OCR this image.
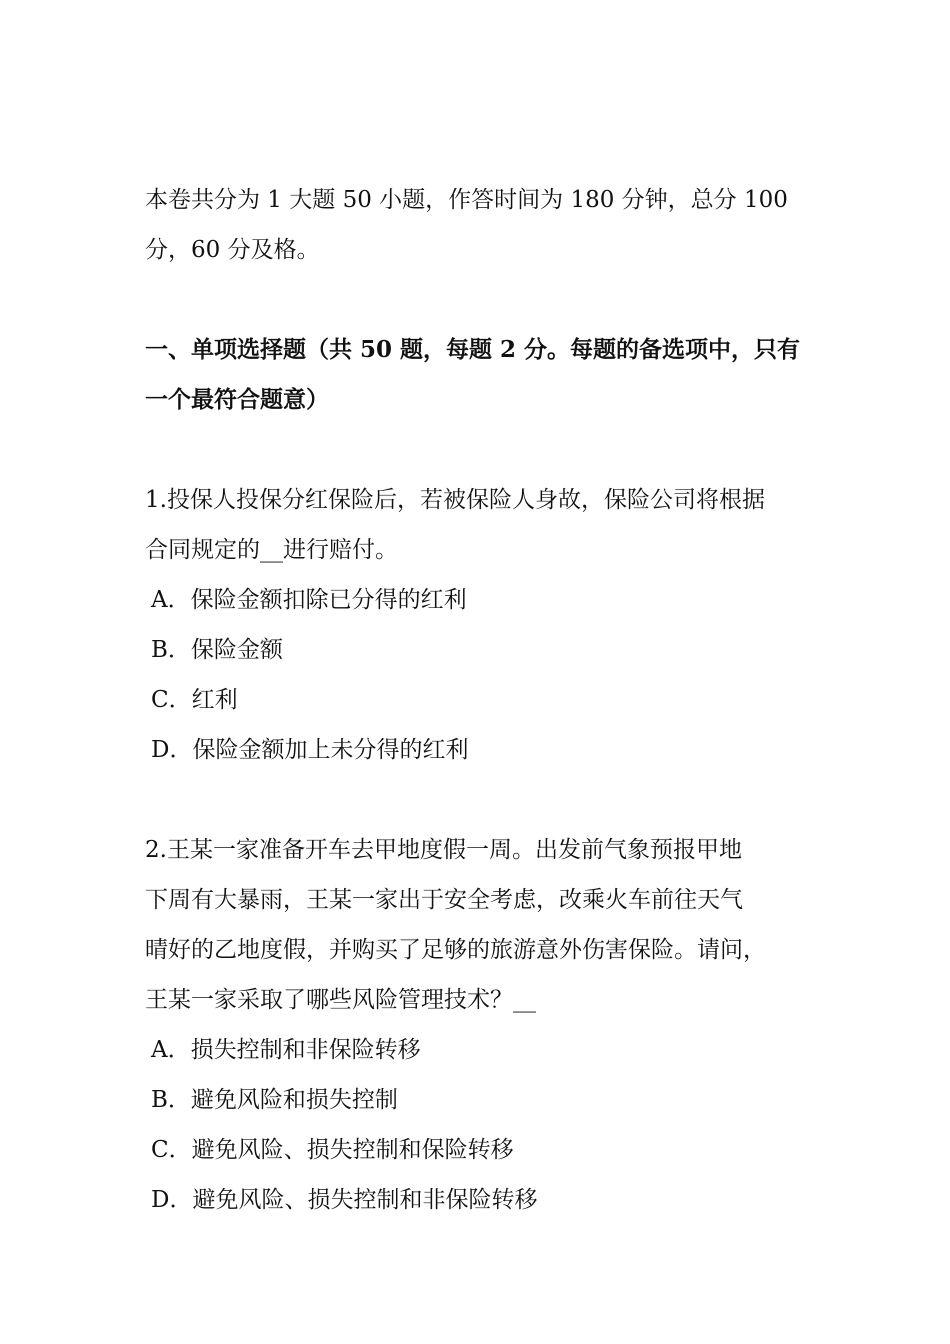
本卷共分为 1 大题 50 小题，作答时间为 180 分钟，总分 100
分，60 分及格。
一、单项选择题（共 50 题，每题 2 分。每题的备选项中，只有
一个最符合题意）
1.投保人投保分红保险后，若被保险人身故，保险公司将根据
合同规定的__进行赔付。
A．保险金额扣除已分得的红利
B．保险金额
C．红利
D．保险金额加上未分得的红利
2.王某一家准备开车去甲地度假一周。出发前气象预报甲地
下周有大暴雨，王某一家出于安全考虑，改乘火车前往天气
晴好的乙地度假，并购买了足够的旅游意外伤害保险。请问，
王某一家采取了哪些风险管理技术？__
A．损失控制和非保险转移
B．避免风险和损失控制
C．避免风险、损失控制和保险转移
D．避免风险、损失控制和非保险转移
